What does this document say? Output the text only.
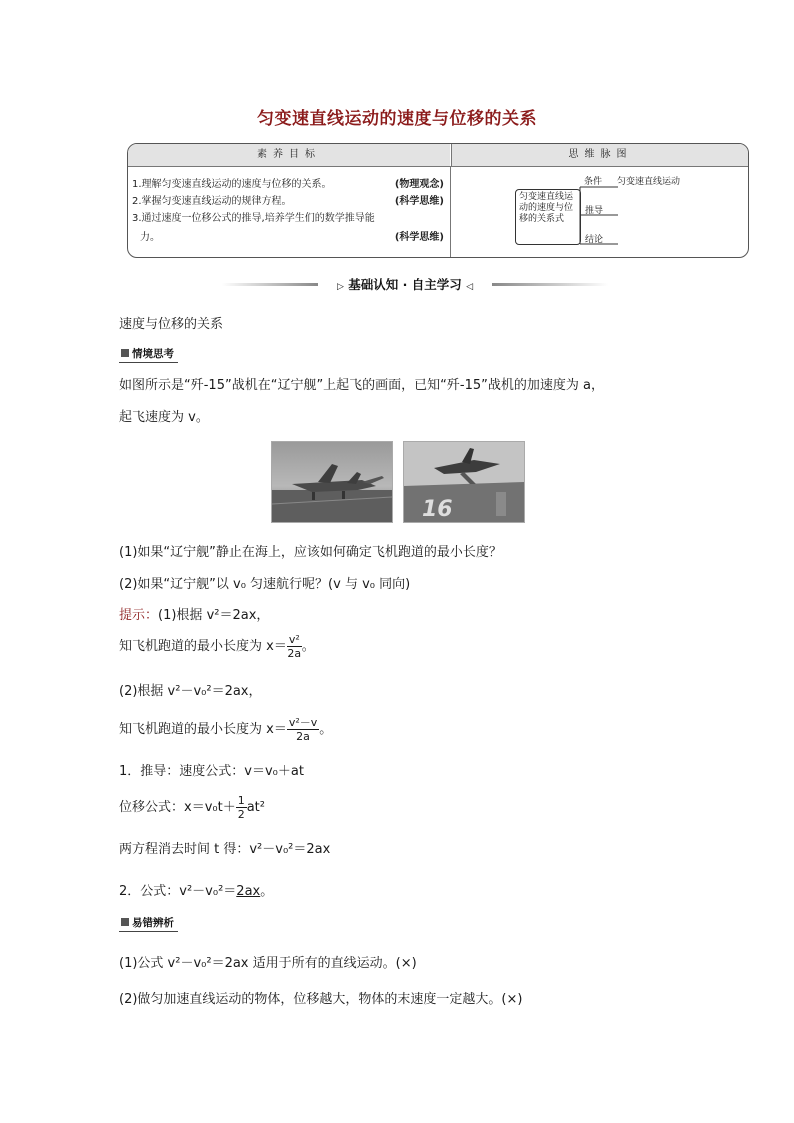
匀变速直线运动的速度与位移的关系
素养目标	思维脉图
1.理解匀变速直线运动的速度与位移的关系。	(物理观念)
2.掌握匀变速直线运动的规律方程。	(科学思维)
3.通过速度一位移公式的推导,培养学生们的数学推导能
力。	(科学思维)
匀变速直线运动的速度与位移的关系式
条件 匀变速直线运动
推导
结论
▷ 基础认知 · 自主学习 ◁
速度与位移的关系
情境思考
如图所示是“歼-15”战机在“辽宁舰”上起飞的画面，已知“歼-15”战机的加速度为 a，
起飞速度为 v。
16
(1)如果“辽宁舰”静止在海上，应该如何确定飞机跑道的最小长度？
(2)如果“辽宁舰”以 v₀ 匀速航行呢？(v 与 v₀ 同向)
提示：(1)根据 v²＝2ax，
知飞机跑道的最小长度为 $x= \frac{\text{v²}}{2a}$ 。
(2)根据 v²－v₀²＝2ax，
知飞机跑道的最小长度为 $x= \frac{\text{v²－v}}{2a}$ 。
1．推导：速度公式：v＝v₀＋at
位移公式：$x=v_0t+ \frac{1}{2} at^2$
两方程消去时间 t 得：v²－v₀²＝2ax
2．公式：v²－v₀²＝2ax。
易错辨析
(1)公式 v²－v₀²＝2ax 适用于所有的直线运动。(×)
(2)做匀加速直线运动的物体，位移越大，物体的末速度一定越大。(×)
